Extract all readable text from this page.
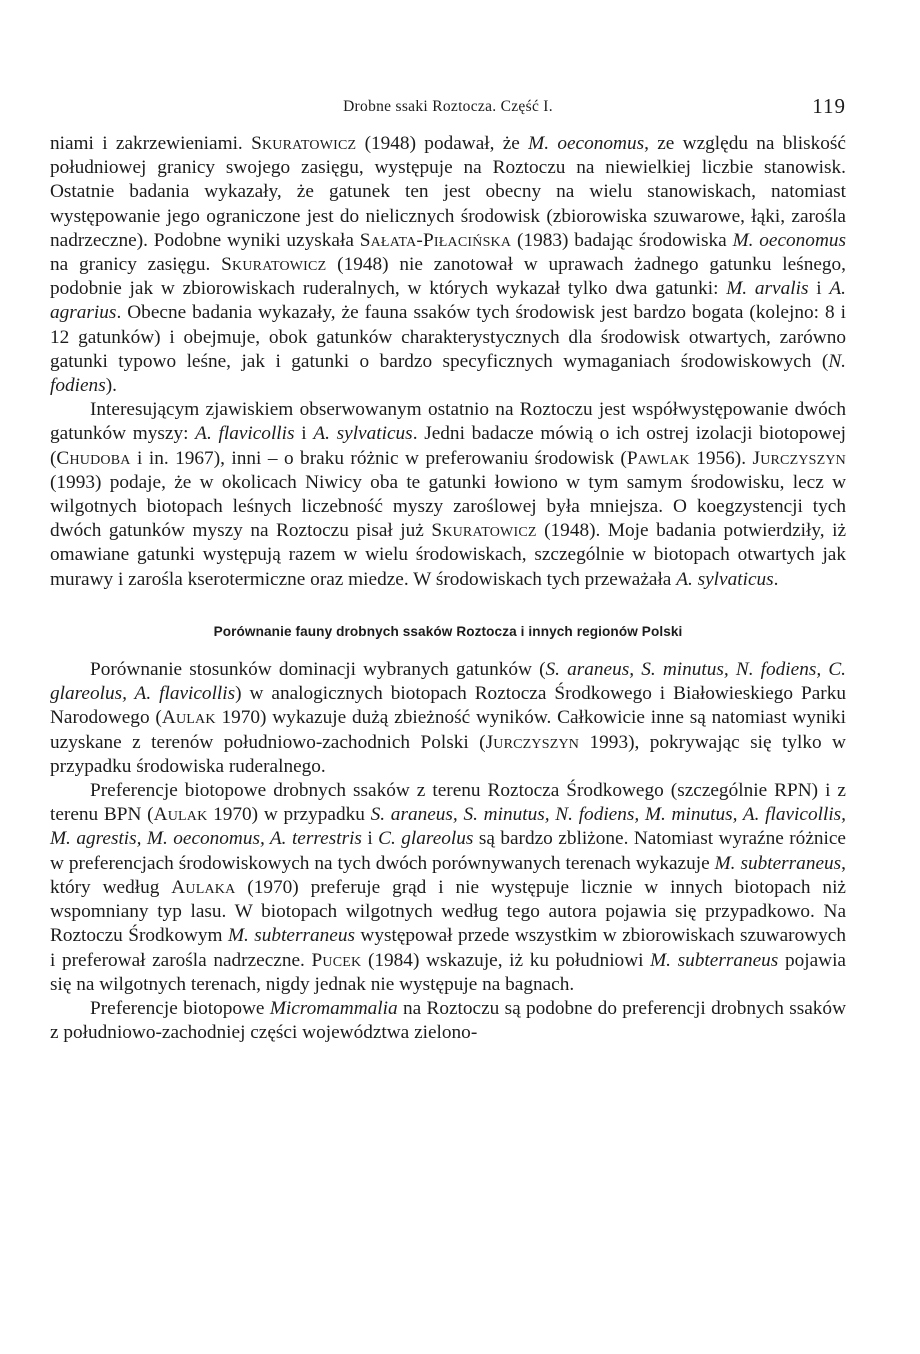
Drobne ssaki Roztocza. Część I.	119

niami i zakrzewieniami. Skuratowicz (1948) podawał, że M. oeconomus, ze względu na bliskość południowej granicy swojego zasięgu, występuje na Roztoczu na niewielkiej liczbie stanowisk. Ostatnie badania wykazały, że gatunek ten jest obecny na wielu stanowiskach, natomiast występowanie jego ograniczone jest do nielicznych środowisk (zbiorowiska szuwarowe, łąki, zarośla nadrzeczne). Podobne wyniki uzyskała Sałata-Piłacińska (1983) badając środowiska M. oeconomus na granicy zasięgu. Skuratowicz (1948) nie zanotował w uprawach żadnego gatunku leśnego, podobnie jak w zbiorowiskach ruderalnych, w których wykazał tylko dwa gatunki: M. arvalis i A. agrarius. Obecne badania wykazały, że fauna ssaków tych środowisk jest bardzo bogata (kolejno: 8 i 12 gatunków) i obejmuje, obok gatunków charakterystycznych dla środowisk otwartych, zarówno gatunki typowo leśne, jak i gatunki o bardzo specyficznych wymaganiach środowiskowych (N. fodiens).

Interesującym zjawiskiem obserwowanym ostatnio na Roztoczu jest współwystępowanie dwóch gatunków myszy: A. flavicollis i A. sylvaticus. Jedni badacze mówią o ich ostrej izolacji biotopowej (Chudoba i in. 1967), inni – o braku różnic w preferowaniu środowisk (Pawlak 1956). Jurczyszyn (1993) podaje, że w okolicach Niwicy oba te gatunki łowiono w tym samym środowisku, lecz w wilgotnych biotopach leśnych liczebność myszy zaroślowej była mniejsza. O koegzystencji tych dwóch gatunków myszy na Roztoczu pisał już Skuratowicz (1948). Moje badania potwierdziły, iż omawiane gatunki występują razem w wielu środowiskach, szczególnie w biotopach otwartych jak murawy i zarośla kserotermiczne oraz miedze. W środowiskach tych przeważała A. sylvaticus.

Porównanie fauny drobnych ssaków Roztocza i innych regionów Polski

Porównanie stosunków dominacji wybranych gatunków (S. araneus, S. minutus, N. fodiens, C. glareolus, A. flavicollis) w analogicznych biotopach Roztocza Środkowego i Białowieskiego Parku Narodowego (Aulak 1970) wykazuje dużą zbieżność wyników. Całkowicie inne są natomiast wyniki uzyskane z terenów południowo-zachodnich Polski (Jurczyszyn 1993), pokrywając się tylko w przypadku środowiska ruderalnego.

Preferencje biotopowe drobnych ssaków z terenu Roztocza Środkowego (szczególnie RPN) i z terenu BPN (Aulak 1970) w przypadku S. araneus, S. minutus, N. fodiens, M. minutus, A. flavicollis, M. agrestis, M. oeconomus, A. terrestris i C. glareolus są bardzo zbliżone. Natomiast wyraźne różnice w preferencjach środowiskowych na tych dwóch porównywanych terenach wykazuje M. subterraneus, który według Aulaka (1970) preferuje grąd i nie występuje licznie w innych biotopach niż wspomniany typ lasu. W biotopach wilgotnych według tego autora pojawia się przypadkowo. Na Roztoczu Środkowym M. subterraneus występował przede wszystkim w zbiorowiskach szuwarowych i preferował zarośla nadrzeczne. Pucek (1984) wskazuje, iż ku południowi M. subterraneus pojawia się na wilgotnych terenach, nigdy jednak nie występuje na bagnach.

Preferencje biotopowe Micromammalia na Roztoczu są podobne do preferencji drobnych ssaków z południowo-zachodniej części województwa zielono-
